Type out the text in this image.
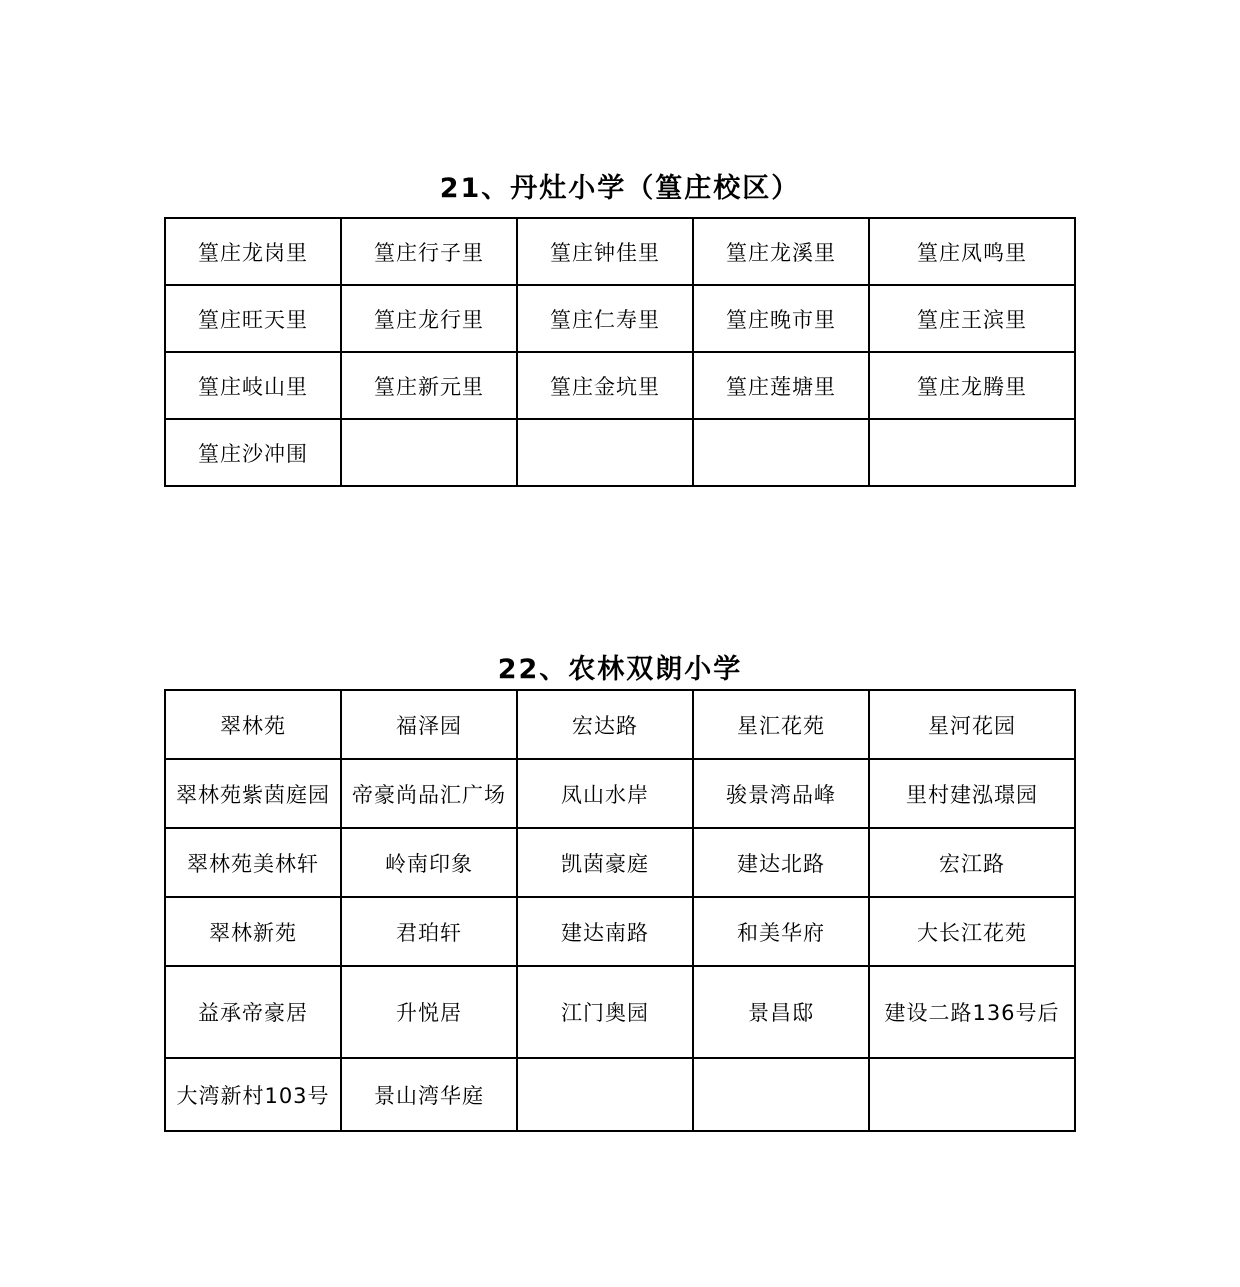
21、丹灶小学（篁庄校区）
篁庄龙岗里	篁庄行子里	篁庄钟佳里	篁庄龙溪里	篁庄凤鸣里
篁庄旺天里	篁庄龙行里	篁庄仁寿里	篁庄晚市里	篁庄王滨里
篁庄岐山里	篁庄新元里	篁庄金坑里	篁庄莲塘里	篁庄龙腾里
篁庄沙冲围				
22、农林双朗小学
翠林苑	福泽园	宏达路	星汇花苑	星河花园
翠林苑紫茵庭园	帝豪尚品汇广场	凤山水岸	骏景湾品峰	里村建泓璟园
翠林苑美林轩	岭南印象	凯茵豪庭	建达北路	宏江路
翠林新苑	君珀轩	建达南路	和美华府	大长江花苑
益承帝豪居	升悦居	江门奥园	景昌邸	建设二路136号后
大湾新村103号	景山湾华庭			
